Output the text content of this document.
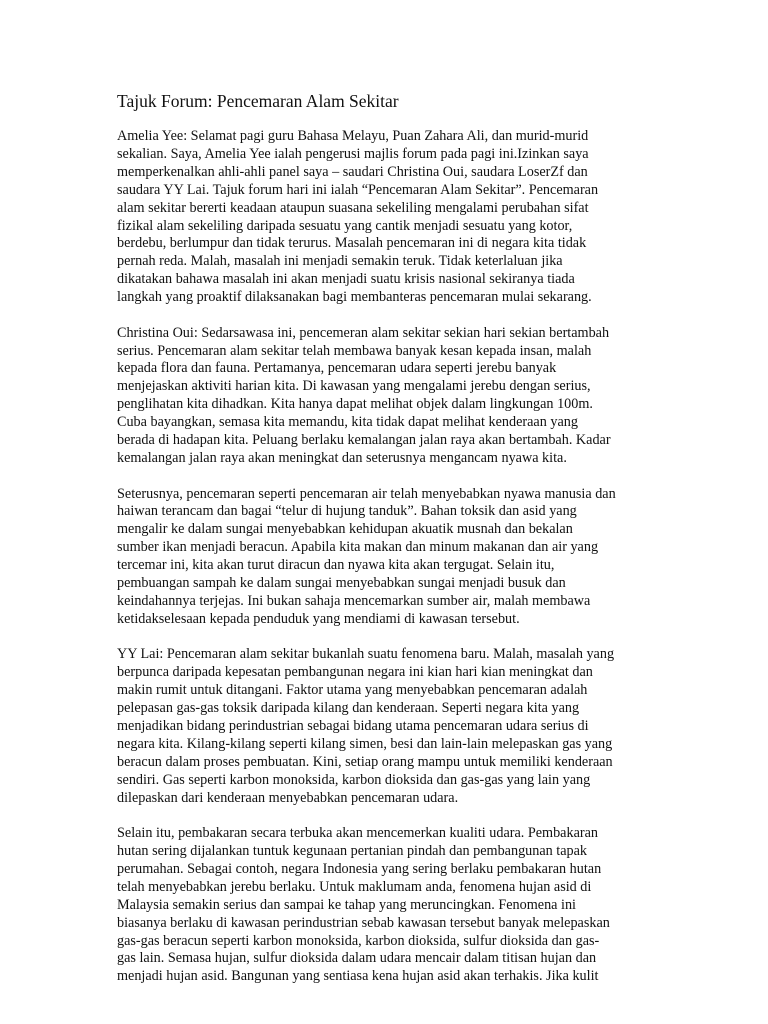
Tajuk Forum: Pencemaran Alam Sekitar
Amelia Yee: Selamat pagi guru Bahasa Melayu, Puan Zahara Ali, dan murid-murid
sekalian. Saya, Amelia Yee ialah pengerusi majlis forum pada pagi ini.Izinkan saya
memperkenalkan ahli-ahli panel saya – saudari Christina Oui, saudara LoserZf dan
saudara YY Lai. Tajuk forum hari ini ialah “Pencemaran Alam Sekitar”. Pencemaran
alam sekitar bererti keadaan ataupun suasana sekeliling mengalami perubahan sifat
fizikal alam sekeliling daripada sesuatu yang cantik menjadi sesuatu yang kotor,
berdebu, berlumpur dan tidak terurus. Masalah pencemaran ini di negara kita tidak
pernah reda. Malah, masalah ini menjadi semakin teruk. Tidak keterlaluan jika
dikatakan bahawa masalah ini akan menjadi suatu krisis nasional sekiranya tiada
langkah yang proaktif dilaksanakan bagi membanteras pencemaran mulai sekarang.
Christina Oui: Sedarsawasa ini, pencemeran alam sekitar sekian hari sekian bertambah
serius. Pencemaran alam sekitar telah membawa banyak kesan kepada insan, malah
kepada flora dan fauna. Pertamanya, pencemaran udara seperti jerebu banyak
menjejaskan aktiviti harian kita. Di kawasan yang mengalami jerebu dengan serius,
penglihatan kita dihadkan. Kita hanya dapat melihat objek dalam lingkungan 100m.
Cuba bayangkan, semasa kita memandu, kita tidak dapat melihat kenderaan yang
berada di hadapan kita. Peluang berlaku kemalangan jalan raya akan bertambah. Kadar
kemalangan jalan raya akan meningkat dan seterusnya mengancam nyawa kita.
Seterusnya, pencemaran seperti pencemaran air telah menyebabkan nyawa manusia dan
haiwan terancam dan bagai “telur di hujung tanduk”. Bahan toksik dan asid yang
mengalir ke dalam sungai menyebabkan kehidupan akuatik musnah dan bekalan
sumber ikan menjadi beracun. Apabila kita makan dan minum makanan dan air yang
tercemar ini, kita akan turut diracun dan nyawa kita akan tergugat. Selain itu,
pembuangan sampah ke dalam sungai menyebabkan sungai menjadi busuk dan
keindahannya terjejas. Ini bukan sahaja mencemarkan sumber air, malah membawa
ketidakselesaan kepada penduduk yang mendiami di kawasan tersebut.
YY Lai: Pencemaran alam sekitar bukanlah suatu fenomena baru. Malah, masalah yang
berpunca daripada kepesatan pembangunan negara ini kian hari kian meningkat dan
makin rumit untuk ditangani. Faktor utama yang menyebabkan pencemaran adalah
pelepasan gas-gas toksik daripada kilang dan kenderaan. Seperti negara kita yang
menjadikan bidang perindustrian sebagai bidang utama pencemaran udara serius di
negara kita. Kilang-kilang seperti kilang simen, besi dan lain-lain melepaskan gas yang
beracun dalam proses pembuatan. Kini, setiap orang mampu untuk memiliki kenderaan
sendiri. Gas seperti karbon monoksida, karbon dioksida dan gas-gas yang lain yang
dilepaskan dari kenderaan menyebabkan pencemaran udara.
Selain itu, pembakaran secara terbuka akan mencemerkan kualiti udara. Pembakaran
hutan sering dijalankan tuntuk kegunaan pertanian pindah dan pembangunan tapak
perumahan. Sebagai contoh, negara Indonesia yang sering berlaku pembakaran hutan
telah menyebabkan jerebu berlaku. Untuk maklumam anda, fenomena hujan asid di
Malaysia semakin serius dan sampai ke tahap yang meruncingkan. Fenomena ini
biasanya berlaku di kawasan perindustrian sebab kawasan tersebut banyak melepaskan
gas-gas beracun seperti karbon monoksida, karbon dioksida, sulfur dioksida dan gas-
gas lain. Semasa hujan, sulfur dioksida dalam udara mencair dalam titisan hujan dan
menjadi hujan asid. Bangunan yang sentiasa kena hujan asid akan terhakis. Jika kulit
